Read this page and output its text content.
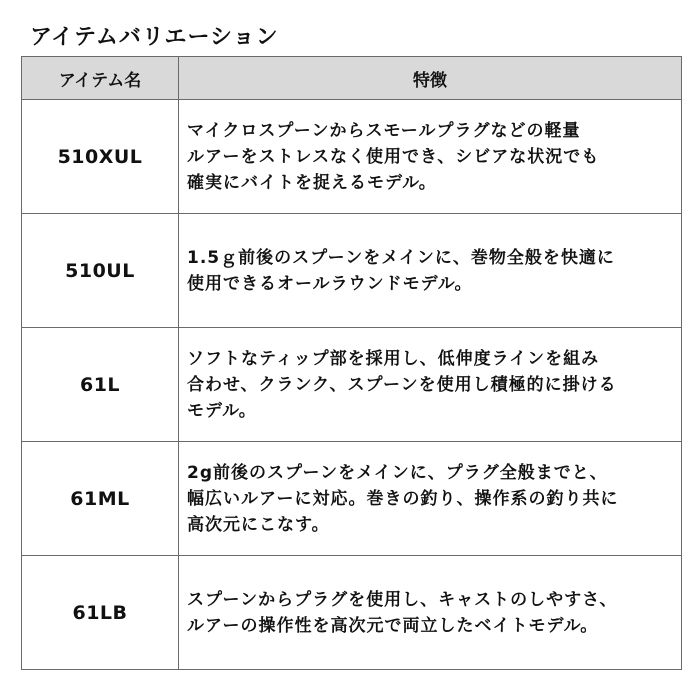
アイテムバリエーション
アイテム名	特徴
510XUL	マイクロスプーンからスモールプラグなどの軽量
ルアーをストレスなく使用でき、シビアな状況でも
確実にバイトを捉えるモデル。

510UL	1.5ｇ前後のスプーンをメインに、巻物全般を快適に
使用できるオールラウンドモデル。

61L	ソフトなティップ部を採用し、低伸度ラインを組み
合わせ、クランク、スプーンを使用し積極的に掛ける
モデル。

61ML	2g前後のスプーンをメインに、プラグ全般までと、
幅広いルアーに対応。巻きの釣り、操作系の釣り共に
高次元にこなす。

61LB	スプーンからプラグを使用し、キャストのしやすさ、
ルアーの操作性を高次元で両立したベイトモデル。
